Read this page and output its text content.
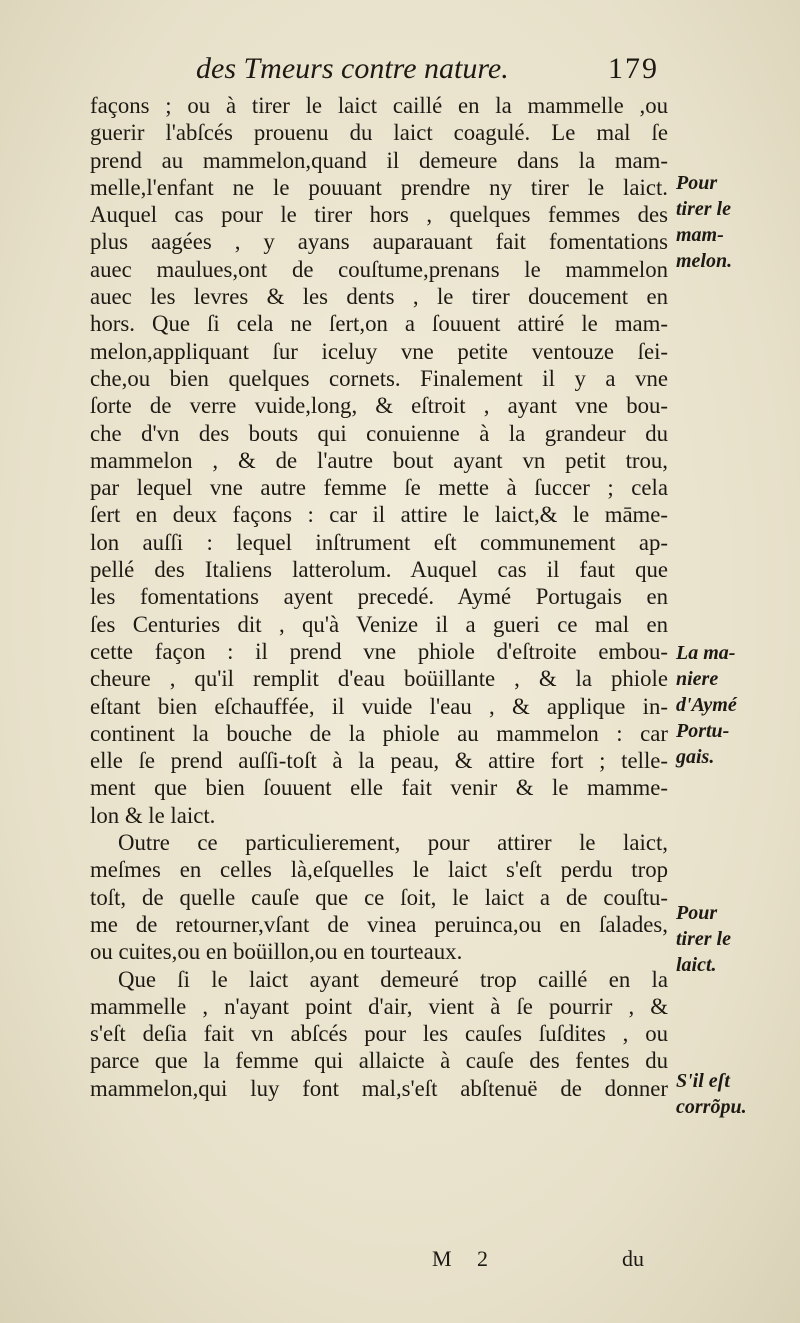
des Tmeurs contre nature.	179
façons ; ou à tirer le laict caillé en la mammelle ,ou
guerir l'abſcés prouenu du laict coagulé. Le mal ſe
prend au mammelon,quand il demeure dans la mam-
melle,l'enfant ne le pouuant prendre ny tirer le laict.
Auquel cas pour le tirer hors , quelques femmes des
plus aagées , y ayans auparauant fait fomentations
auec maulues,ont de couſtume,prenans le mammelon
auec les levres & les dents , le tirer doucement en
hors. Que ſi cela ne ſert,on a ſouuent attiré le mam-
melon,appliquant ſur iceluy vne petite ventouze ſei-
che,ou bien quelques cornets. Finalement il y a vne
ſorte de verre vuide,long, & eſtroit , ayant vne bou-
che d'vn des bouts qui conuienne à la grandeur du
mammelon , & de l'autre bout ayant vn petit trou,
par lequel vne autre femme ſe mette à ſuccer ; cela
ſert en deux façons : car il attire le laict,& le māme-
lon auſſi : lequel inſtrument eſt communement ap-
pellé des Italiens latterolum. Auquel cas il faut que
les fomentations ayent precedé. Aymé Portugais en
ſes Centuries dit , qu'à Venize il a gueri ce mal en
cette façon : il prend vne phiole d'eſtroite embou-
cheure , qu'il remplit d'eau boüillante , & la phiole
eſtant bien eſchauffée, il vuide l'eau , & applique in-
continent la bouche de la phiole au mammelon : car
elle ſe prend auſſi-toſt à la peau, & attire fort ; telle-
ment que bien ſouuent elle fait venir & le mamme-
lon & le laict.
Outre ce particulierement, pour attirer le laict,
meſmes en celles là,eſquelles le laict s'eſt perdu trop
toſt, de quelle cauſe que ce ſoit, le laict a de couſtu-
me de retourner,vſant de vinea peruinca,ou en ſalades,
ou cuites,ou en boüillon,ou en tourteaux.
Que ſi le laict ayant demeuré trop caillé en la
mammelle , n'ayant point d'air, vient à ſe pourrir , &
s'eſt deſia fait vn abſcés pour les cauſes ſuſdites , ou
parce que la femme qui allaicte à cauſe des fentes du
mammelon,qui luy font mal,s'eſt abſtenuë de donner
Pour
tirer le
mam-
melon.
La ma-
niere
d'Aymé
Portu-
gais.
Pour
tirer le
laict.
S'il eſt
corrõpu.
M 2	du
